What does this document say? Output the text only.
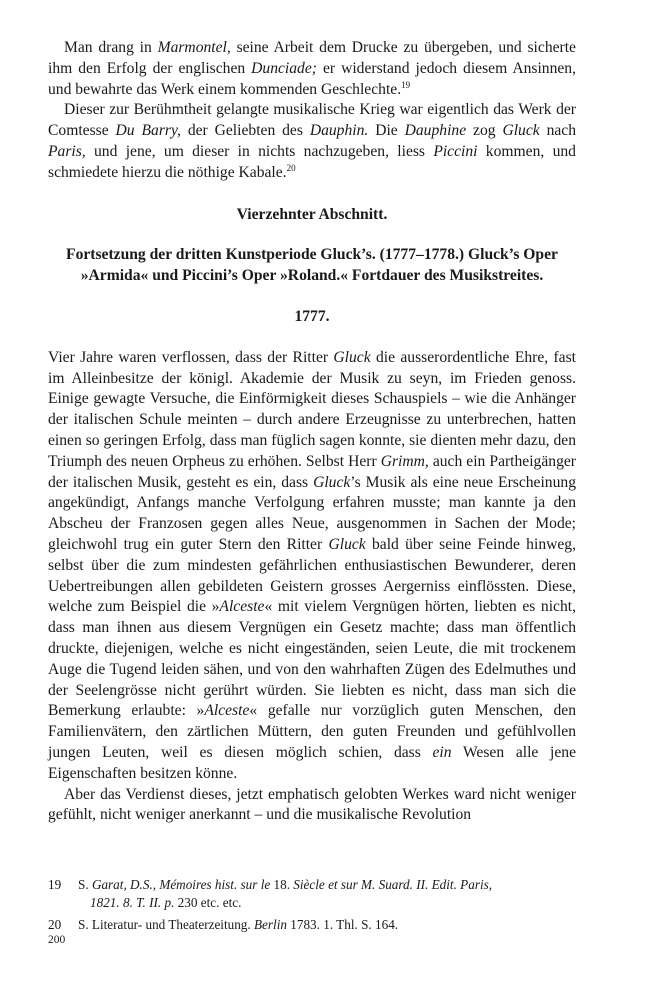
Man drang in Marmontel, seine Arbeit dem Drucke zu übergeben, und sicherte ihm den Erfolg der englischen Dunciade; er widerstand jedoch diesem Ansinnen, und bewahrte das Werk einem kommenden Geschlechte.$^{19}$

Dieser zur Berühmtheit gelangte musikalische Krieg war eigentlich das Werk der Comtesse Du Barry, der Geliebten des Dauphin. Die Dauphine zog Gluck nach Paris, und jene, um dieser in nichts nachzugeben, liess Piccini kommen, und schmiedete hierzu die nöthige Kabale.$^{20}$

Vierzehnter Abschnitt.
Fortsetzung der dritten Kunstperiode Gluck’s. (1777–1778.) Gluck’s Oper »Armida« und Piccini’s Oper »Roland.« Fortdauer des Musikstreites.
1777.

Vier Jahre waren verflossen, dass der Ritter Gluck die ausserordentliche Ehre, fast im Alleinbesitze der königl. Akademie der Musik zu seyn, im Frieden genoss. Einige gewagte Versuche, die Einförmigkeit dieses Schauspiels – wie die Anhänger der italischen Schule meinten – durch andere Erzeugnisse zu unterbrechen, hatten einen so geringen Erfolg, dass man füglich sagen konnte, sie dienten mehr dazu, den Triumph des neuen Orpheus zu erhöhen. Selbst Herr Grimm, auch ein Partheigänger der italischen Musik, gesteht es ein, dass Gluck’s Musik als eine neue Erscheinung angekündigt, Anfangs manche Verfolgung erfahren musste; man kannte ja den Abscheu der Franzosen gegen alles Neue, ausgenommen in Sachen der Mode; gleichwohl trug ein guter Stern den Ritter Gluck bald über seine Feinde hinweg, selbst über die zum mindesten gefährlichen enthusiastischen Bewunderer, deren Uebertreibungen allen gebildeten Geistern grosses Aergerniss einflössten. Diese, welche zum Beispiel die »Alceste« mit vielem Vergnügen hörten, liebten es nicht, dass man ihnen aus diesem Vergnügen ein Gesetz machte; dass man öffentlich druckte, diejenigen, welche es nicht eingeständen, seien Leute, die mit trockenem Auge die Tugend leiden sähen, und von den wahrhaften Zügen des Edelmuthes und der Seelengrösse nicht gerührt würden. Sie liebten es nicht, dass man sich die Bemerkung erlaubte: »Alceste« gefalle nur vorzüglich guten Menschen, den Familienvätern, den zärtlichen Müttern, den guten Freunden und gefühlvollen jungen Leuten, weil es diesen möglich schien, dass ein Wesen alle jene Eigenschaften besitzen könne.

Aber das Verdienst dieses, jetzt emphatisch gelobten Werkes ward nicht weniger gefühlt, nicht weniger anerkannt – und die musikalische Revolution

19	S. Garat, D.S., Mémoires hist. sur le 18. Siècle et sur M. Suard. II. Edit. Paris,
1821. 8. T. II. p. 230 etc. etc.
20	S. Literatur- und Theaterzeitung. Berlin 1783. 1. Thl. S. 164.
200
